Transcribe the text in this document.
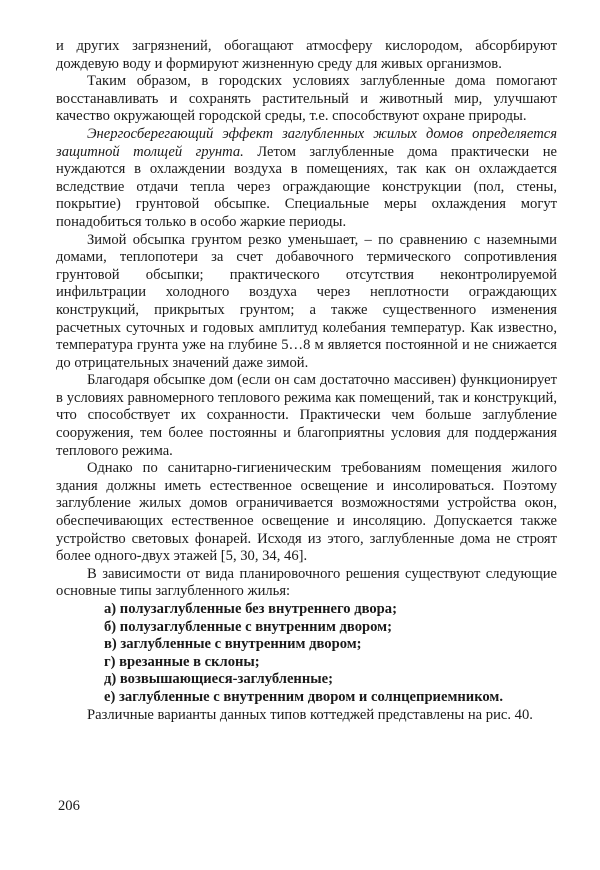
и других загрязнений, обогащают атмосферу кислородом, абсорбируют дождевую воду и формируют жизненную среду для живых организмов.

Таким образом, в городских условиях заглубленные дома помогают восстанавливать и сохранять растительный и животный мир, улучшают качество окружающей городской среды, т.е. способствуют охране природы.

Энергосберегающий эффект заглубленных жилых домов определяется защитной толщей грунта. Летом заглубленные дома практически не нуждаются в охлаждении воздуха в помещениях, так как он охлаждается вследствие отдачи тепла через ограждающие конструкции (пол, стены, покрытие) грунтовой обсыпке. Специальные меры охлаждения могут понадобиться только в особо жаркие периоды.

Зимой обсыпка грунтом резко уменьшает, – по сравнению с наземными домами, теплопотери за счет добавочного термического сопротивления грунтовой обсыпки; практического отсутствия неконтролируемой инфильтрации холодного воздуха через неплотности ограждающих конструкций, прикрытых грунтом; а также существенного изменения расчетных суточных и годовых амплитуд колебания температур. Как известно, температура грунта уже на глубине 5…8 м является постоянной и не снижается до отрицательных значений даже зимой.

Благодаря обсыпке дом (если он сам достаточно массивен) функционирует в условиях равномерного теплового режима как помещений, так и конструкций, что способствует их сохранности. Практически чем больше заглубление сооружения, тем более постоянны и благоприятны условия для поддержания теплового режима.

Однако по санитарно-гигиеническим требованиям помещения жилого здания должны иметь естественное освещение и инсолироваться. Поэтому заглубление жилых домов ограничивается возможностями устройства окон, обеспечивающих естественное освещение и инсоляцию. Допускается также устройство световых фонарей. Исходя из этого, заглубленные дома не строят более одного-двух этажей [5, 30, 34, 46].

В зависимости от вида планировочного решения существуют следующие основные типы заглубленного жилья:

а) полузаглубленные без внутреннего двора;
б) полузаглубленные с внутренним двором;
в) заглубленные с внутренним двором;
г) врезанные в склоны;
д) возвышающиеся-заглубленные;
е) заглубленные с внутренним двором и солнцеприемником.

Различные варианты данных типов коттеджей представлены на рис. 40.

206
